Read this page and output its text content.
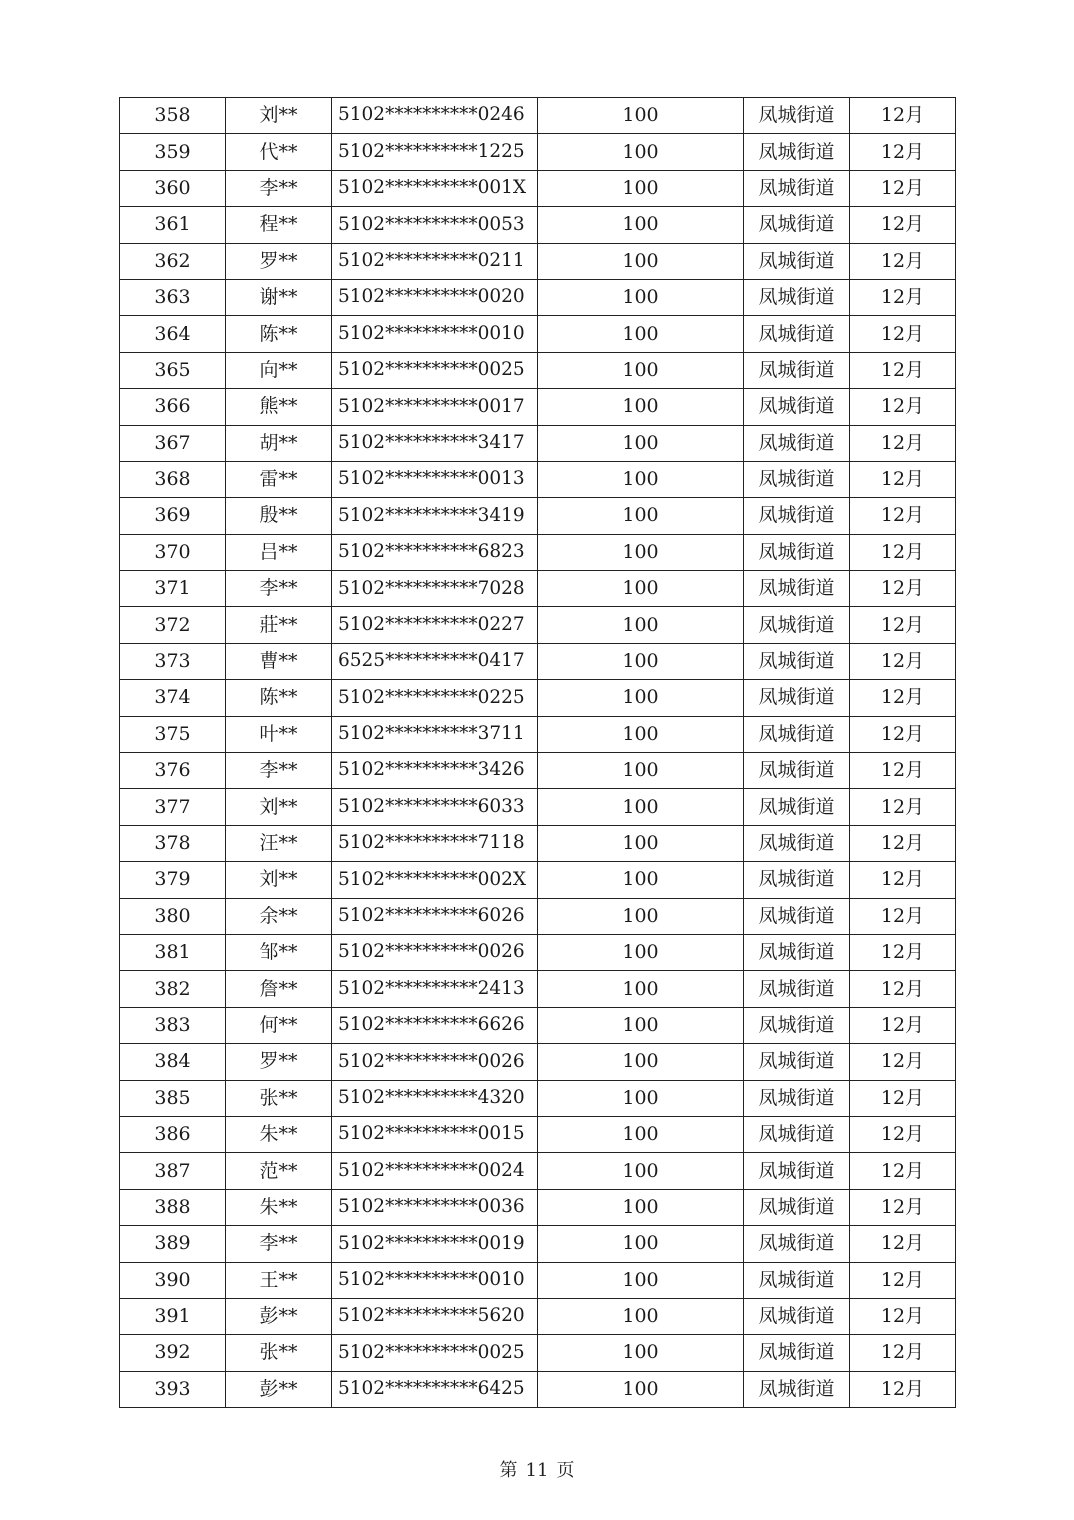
358	刘**	5102**********0246	100	凤城街道	12月
359	代**	5102**********1225	100	凤城街道	12月
360	李**	5102**********001X	100	凤城街道	12月
361	程**	5102**********0053	100	凤城街道	12月
362	罗**	5102**********0211	100	凤城街道	12月
363	谢**	5102**********0020	100	凤城街道	12月
364	陈**	5102**********0010	100	凤城街道	12月
365	向**	5102**********0025	100	凤城街道	12月
366	熊**	5102**********0017	100	凤城街道	12月
367	胡**	5102**********3417	100	凤城街道	12月
368	雷**	5102**********0013	100	凤城街道	12月
369	殷**	5102**********3419	100	凤城街道	12月
370	吕**	5102**********6823	100	凤城街道	12月
371	李**	5102**********7028	100	凤城街道	12月
372	莊**	5102**********0227	100	凤城街道	12月
373	曹**	6525**********0417	100	凤城街道	12月
374	陈**	5102**********0225	100	凤城街道	12月
375	叶**	5102**********3711	100	凤城街道	12月
376	李**	5102**********3426	100	凤城街道	12月
377	刘**	5102**********6033	100	凤城街道	12月
378	汪**	5102**********7118	100	凤城街道	12月
379	刘**	5102**********002X	100	凤城街道	12月
380	余**	5102**********6026	100	凤城街道	12月
381	邹**	5102**********0026	100	凤城街道	12月
382	詹**	5102**********2413	100	凤城街道	12月
383	何**	5102**********6626	100	凤城街道	12月
384	罗**	5102**********0026	100	凤城街道	12月
385	张**	5102**********4320	100	凤城街道	12月
386	朱**	5102**********0015	100	凤城街道	12月
387	范**	5102**********0024	100	凤城街道	12月
388	朱**	5102**********0036	100	凤城街道	12月
389	李**	5102**********0019	100	凤城街道	12月
390	王**	5102**********0010	100	凤城街道	12月
391	彭**	5102**********5620	100	凤城街道	12月
392	张**	5102**********0025	100	凤城街道	12月
393	彭**	5102**********6425	100	凤城街道	12月
第 11 页
